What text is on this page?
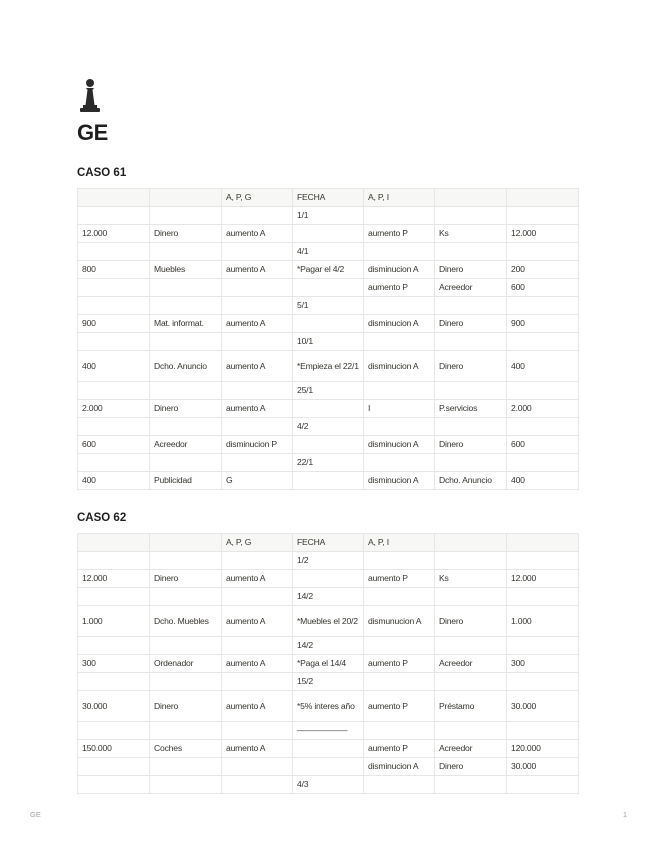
GE
CASO 61
		A, P, G	FECHA	A, P, I		
			1/1			
12.000	Dinero	aumento A		aumento P	Ks	12.000
			4/1			
800	Muebles	aumento A	*Pagar el 4/2	disminucion A	Dinero	200
				aumento P	Acreedor	600
			5/1			
900	Mat. informat.	aumento A		disminucion A	Dinero	900
			10/1			
400	Dcho. Anuncio	aumento A	*Empieza el 22/1	disminucion A	Dinero	400
			25/1			
2.000	Dinero	aumento A		I	P.servicios	2.000
			4/2			
600	Acreedor	disminucion P		disminucion A	Dinero	600
			22/1			
400	Publicidad	G		disminucion A	Dcho. Anuncio	400
CASO 62
		A, P, G	FECHA	A, P, I		
			1/2			
12.000	Dinero	aumento A		aumento P	Ks	12.000
			14/2			
1.000	Dcho. Muebles	aumento A	*Muebles el 20/2	dismunucion A	Dinero	1.000
			14/2			
300	Ordenador	aumento A	*Paga el 14/4	aumento P	Acreedor	300
			15/2			
30.000	Dinero	aumento A	*5% interes año	aumento P	Préstamo	30.000
			——————			
150.000	Coches	aumento A		aumento P	Acreedor	120.000
				disminucion A	Dinero	30.000
			4/3			
GE	1
